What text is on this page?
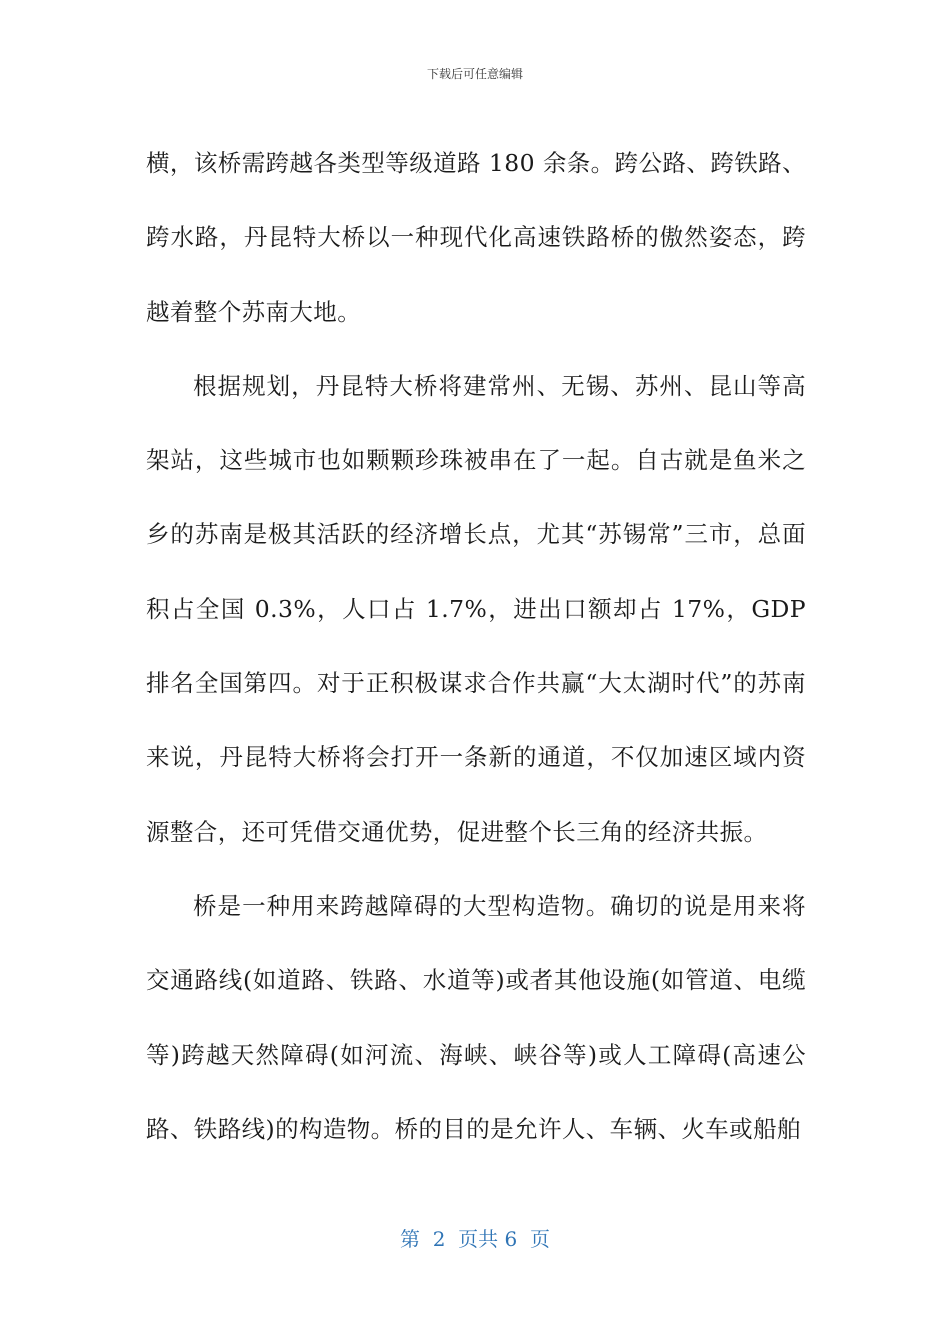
下载后可任意编辑

横，该桥需跨越各类型等级道路 180 余条。跨公路、跨铁路、跨水路，丹昆特大桥以一种现代化高速铁路桥的傲然姿态，跨越着整个苏南大地。

根据规划，丹昆特大桥将建常州、无锡、苏州、昆山等高架站，这些城市也如颗颗珍珠被串在了一起。自古就是鱼米之乡的苏南是极其活跃的经济增长点，尤其“苏锡常”三市，总面积占全国 0.3%，人口占 1.7%，进出口额却占 17%，GDP 排名全国第四。对于正积极谋求合作共赢“大太湖时代”的苏南来说，丹昆特大桥将会打开一条新的通道，不仅加速区域内资源整合，还可凭借交通优势，促进整个长三角的经济共振。

桥是一种用来跨越障碍的大型构造物。确切的说是用来将交通路线(如道路、铁路、水道等)或者其他设施(如管道、电缆等)跨越天然障碍(如河流、海峡、峡谷等)或人工障碍(高速公路、铁路线)的构造物。桥的目的是允许人、车辆、火车或船舶

第  2  页共 6  页
